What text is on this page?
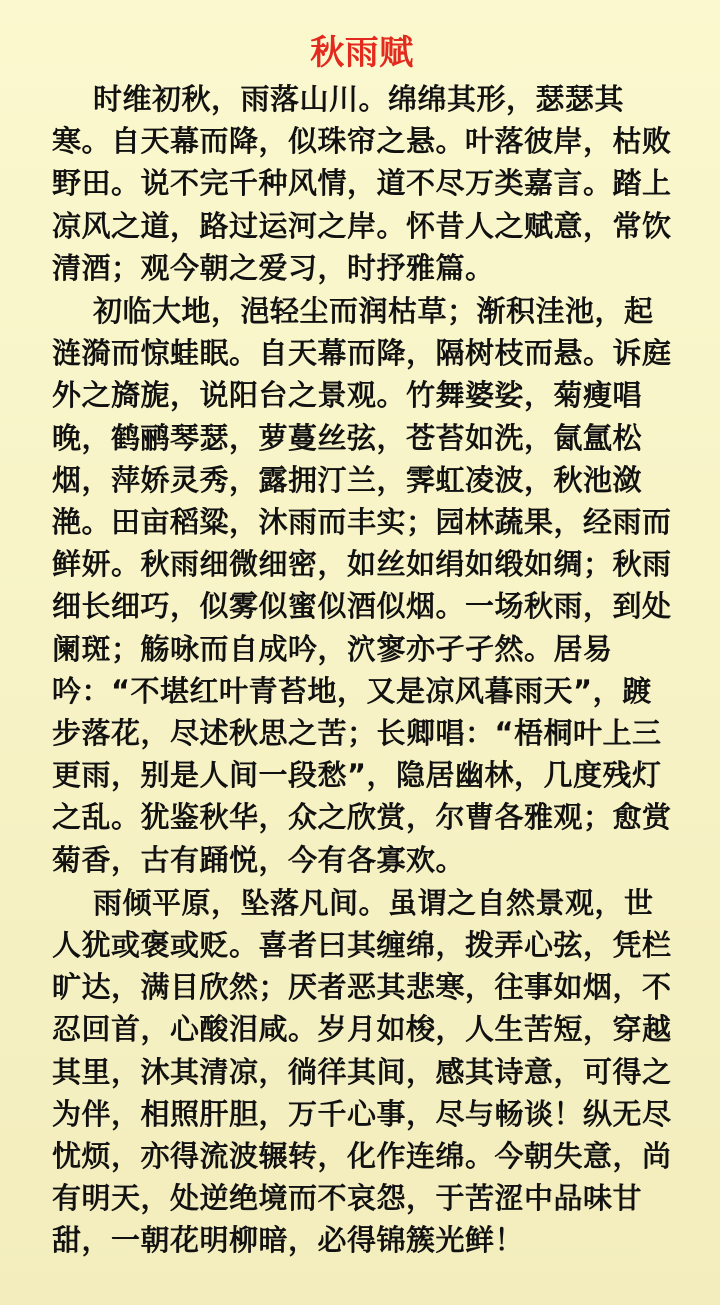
秋雨赋

时维初秋，雨落山川。绵绵其形，瑟瑟其寒。自天幕而降，似珠帘之悬。叶落彼岸，枯败野田。说不完千种风情，道不尽万类嘉言。踏上凉风之道，路过运河之岸。怀昔人之赋意，常饮清酒；观今朝之爱习，时抒雅篇。

初临大地，浥轻尘而润枯草；渐积洼池，起涟漪而惊蛙眠。自天幕而降，隔树枝而悬。诉庭外之旖旎，说阳台之景观。竹舞婆娑，菊瘦唱晚，鹤鹂琴瑟，萝蔓丝弦，苍苔如洗，氤氲松烟，萍娇灵秀，露拥汀兰，霁虹凌波，秋池潋滟。田亩稻粱，沐雨而丰实；园林蔬果，经雨而鲜妍。秋雨细微细密，如丝如绢如缎如绸；秋雨细长细巧，似雾似蜜似酒似烟。一场秋雨，到处阑斑；觞咏而自成吟，泬寥亦孑孑然。居易吟：“不堪红叶青苔地，又是凉风暮雨天”，踱步落花，尽述秋思之苦；长卿唱：“梧桐叶上三更雨，别是人间一段愁”，隐居幽林，几度残灯之乱。犹鉴秋华，众之欣赏，尔曹各雅观；愈赏菊香，古有踊悦，今有各寡欢。

雨倾平原，坠落凡间。虽谓之自然景观，世人犹或褒或贬。喜者曰其缠绵，拨弄心弦，凭栏旷达，满目欣然；厌者恶其悲寒，往事如烟，不忍回首，心酸泪咸。岁月如梭，人生苦短，穿越其里，沐其清凉，徜徉其间，感其诗意，可得之为伴，相照肝胆，万千心事，尽与畅谈！纵无尽忧烦，亦得流波辗转，化作连绵。今朝失意，尚有明天，处逆绝境而不哀怨，于苦涩中品味甘甜，一朝花明柳暗，必得锦簇光鲜！
